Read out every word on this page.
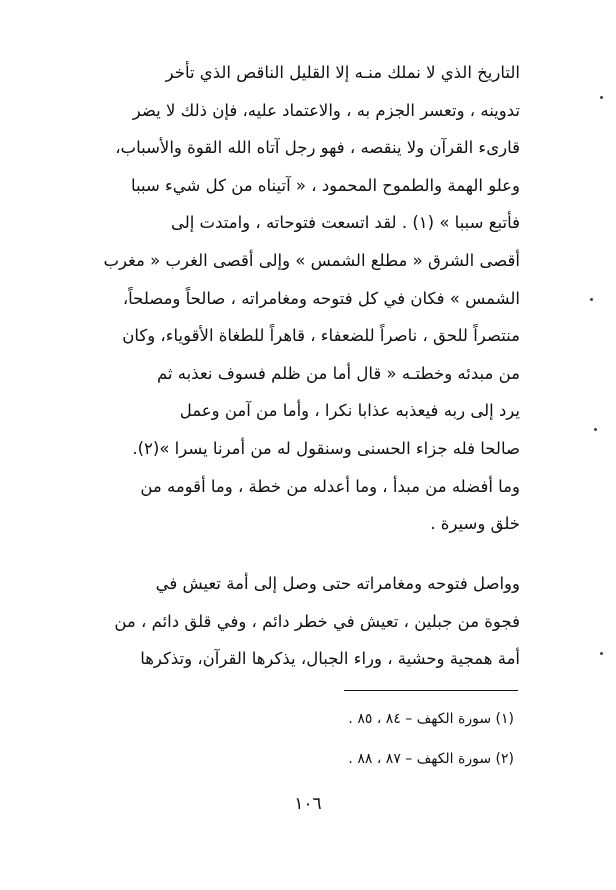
التاريخ الذي لا نملك منـه إلا القليل الناقص الذي تأخر
تدوينه ، وتعسر الجزم به ، والاعتماد عليه، فإن ذلك لا يضر
قارىء القرآن ولا ينقصه ، فهو رجل آتاه الله القوة والأسباب،
وعلو الهمة والطموح المحمود ، « آتيناه من كل شيء سببا
فأتبع سببا » (١) . لقد اتسعت فتوحاته ، وامتدت إلى
أقصى الشرق « مطلع الشمس » وإلى أقصى الغرب « مغرب
الشمس » فكان في كل فتوحه ومغامراته ، صالحاً ومصلحاً،
منتصراً للحق ، ناصراً للضعفاء ، قاهراً للطغاة الأقوياء، وكان
من مبدئه وخطتـه « قال أما من ظلم فسوف نعذبه ثم
يرد إلى ربه فيعذبه عذابا نكرا ، وأما من آمن وعمل
صالحا فله جزاء الحسنى وسنقول له من أمرنا يسرا »(٢).
وما أفضله من مبدأ ، وما أعدله من خطة ، وما أقومه من
خلق وسيرة .
وواصل فتوحه ومغامراته حتى وصل إلى أمة تعيش في
فجوة من جبلين ، تعيش في خطر دائم ، وفي قلق دائم ، من
أمة همجية وحشية ، وراء الجبال، يذكرها القرآن، وتذكرها
(١) سورة الكهف – ٨٤ ، ٨٥ .
(٢) سورة الكهف – ٨٧ ، ٨٨ .
١٠٦
